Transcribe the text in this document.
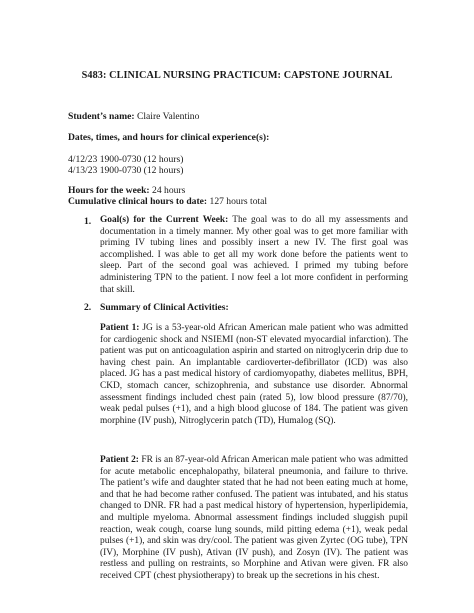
S483: CLINICAL NURSING PRACTICUM: CAPSTONE JOURNAL
Student’s name: Claire Valentino
Dates, times, and hours for clinical experience(s):
4/12/23 1900-0730 (12 hours)
4/13/23 1900-0730 (12 hours)
Hours for the week: 24 hours
Cumulative clinical hours to date: 127 hours total
1. Goal(s) for the Current Week: The goal was to do all my assessments and documentation in a timely manner. My other goal was to get more familiar with priming IV tubing lines and possibly insert a new IV. The first goal was accomplished. I was able to get all my work done before the patients went to sleep. Part of the second goal was achieved. I primed my tubing before administering TPN to the patient. I now feel a lot more confident in performing that skill.

2. Summary of Clinical Activities:

Patient 1: JG is a 53-year-old African American male patient who was admitted for cardiogenic shock and NSIEMI (non-ST elevated myocardial infarction). The patient was put on anticoagulation aspirin and started on nitroglycerin drip due to having chest pain. An implantable cardioverter-defibrillator (ICD) was also placed. JG has a past medical history of cardiomyopathy, diabetes mellitus, BPH, CKD, stomach cancer, schizophrenia, and substance use disorder. Abnormal assessment findings included chest pain (rated 5), low blood pressure (87/70), weak pedal pulses (+1), and a high blood glucose of 184. The patient was given morphine (IV push), Nitroglycerin patch (TD), Humalog (SQ).

Patient 2: FR is an 87-year-old African American male patient who was admitted for acute metabolic encephalopathy, bilateral pneumonia, and failure to thrive. The patient’s wife and daughter stated that he had not been eating much at home, and that he had become rather confused. The patient was intubated, and his status changed to DNR. FR had a past medical history of hypertension, hyperlipidemia, and multiple myeloma. Abnormal assessment findings included sluggish pupil reaction, weak cough, coarse lung sounds, mild pitting edema (+1), weak pedal pulses (+1), and skin was dry/cool. The patient was given Zyrtec (OG tube), TPN (IV), Morphine (IV push), Ativan (IV push), and Zosyn (IV). The patient was restless and pulling on restraints, so Morphine and Ativan were given. FR also received CPT (chest physiotherapy) to break up the secretions in his chest.
